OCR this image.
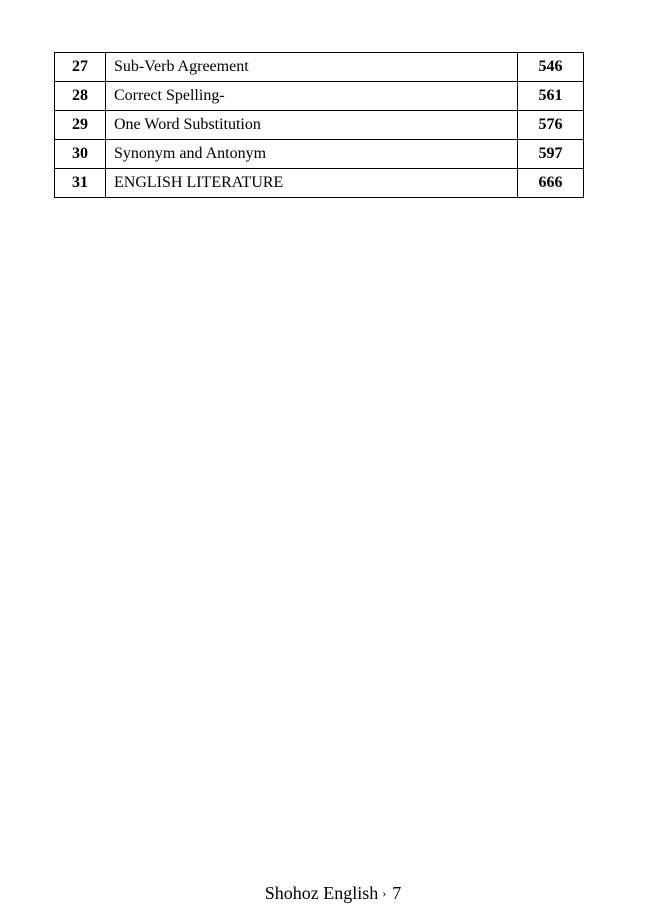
27	Sub-Verb Agreement	546
28	Correct Spelling-	561
29	One Word Substitution	576
30	Synonym and Antonym	597
31	ENGLISH LITERATURE	666
Shohoz English › 7
